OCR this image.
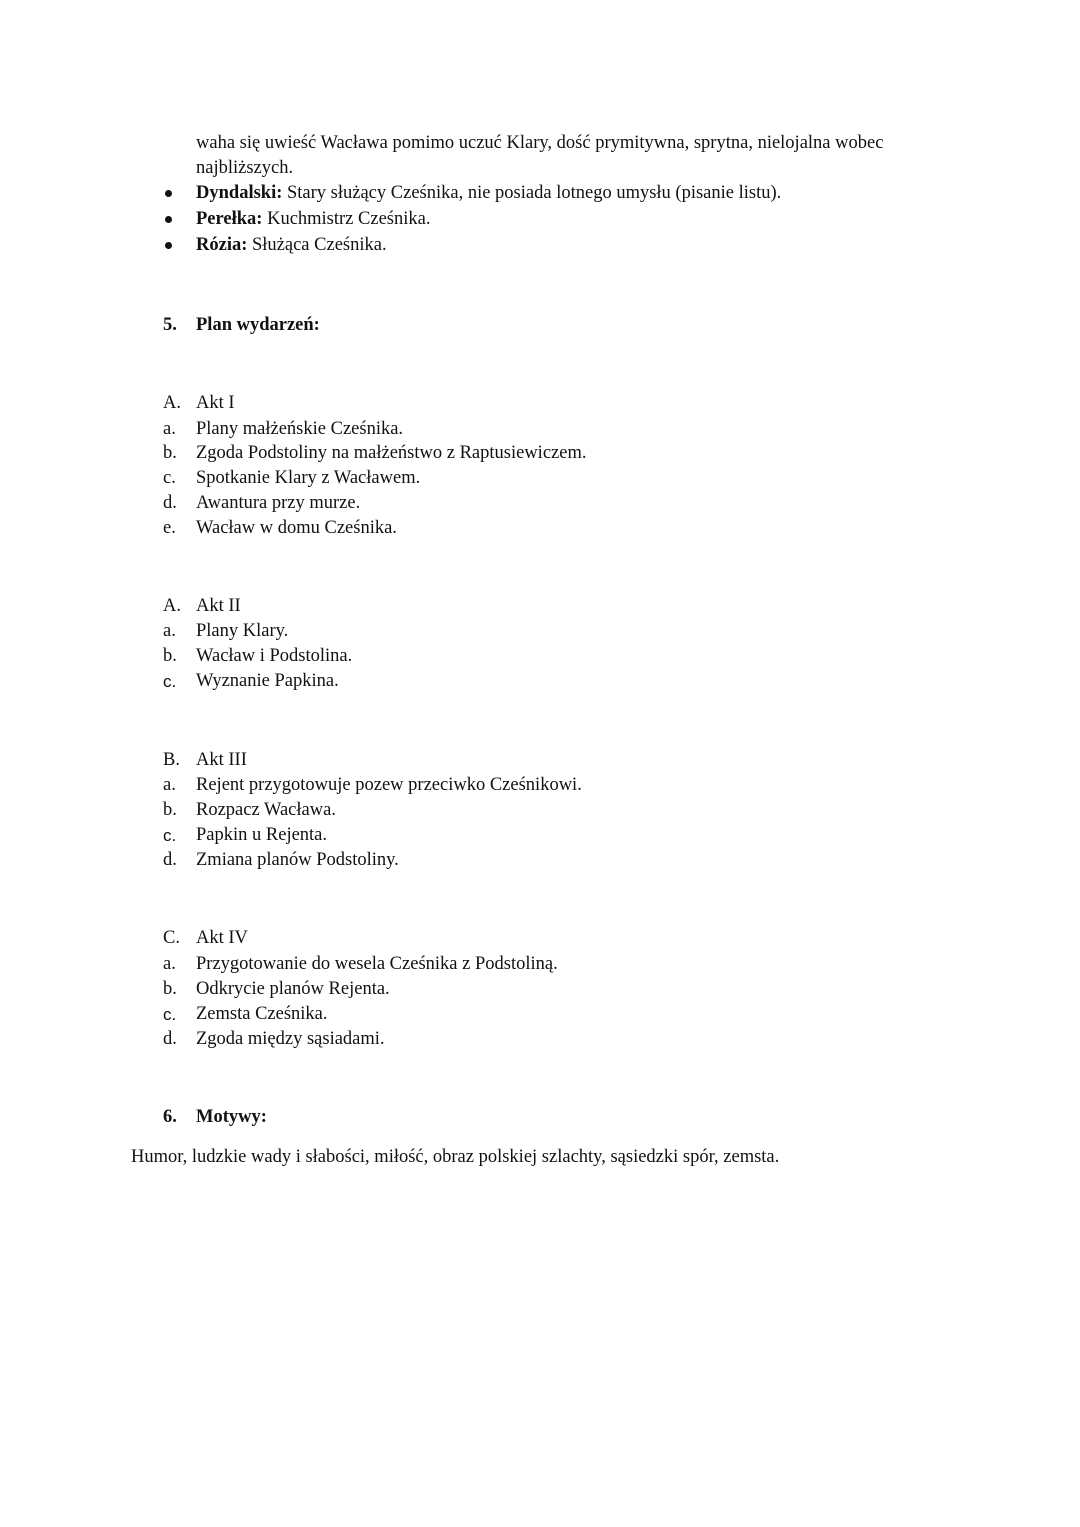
waha się uwieść Wacława pomimo uczuć Klary, dość prymitywna, sprytna, nielojalna wobec
najbliższych.
Dyndalski: Stary służący Cześnika, nie posiada lotnego umysłu (pisanie listu).
Perełka: Kuchmistrz Cześnika.
Rózia: Służąca Cześnika.
5. Plan wydarzeń:
A. Akt I
a. Plany małżeńskie Cześnika.
b. Zgoda Podstoliny na małżeństwo z Raptusiewiczem.
c. Spotkanie Klary z Wacławem.
d. Awantura przy murze.
e. Wacław w domu Cześnika.
A. Akt II
a. Plany Klary.
b. Wacław i Podstolina.
c. Wyznanie Papkina.
B. Akt III
a. Rejent przygotowuje pozew przeciwko Cześnikowi.
b. Rozpacz Wacława.
c. Papkin u Rejenta.
d. Zmiana planów Podstoliny.
C. Akt IV
a. Przygotowanie do wesela Cześnika z Podstoliną.
b. Odkrycie planów Rejenta.
c. Zemsta Cześnika.
d. Zgoda między sąsiadami.
6. Motywy:
Humor, ludzkie wady i słabości, miłość, obraz polskiej szlachty, sąsiedzki spór, zemsta.
